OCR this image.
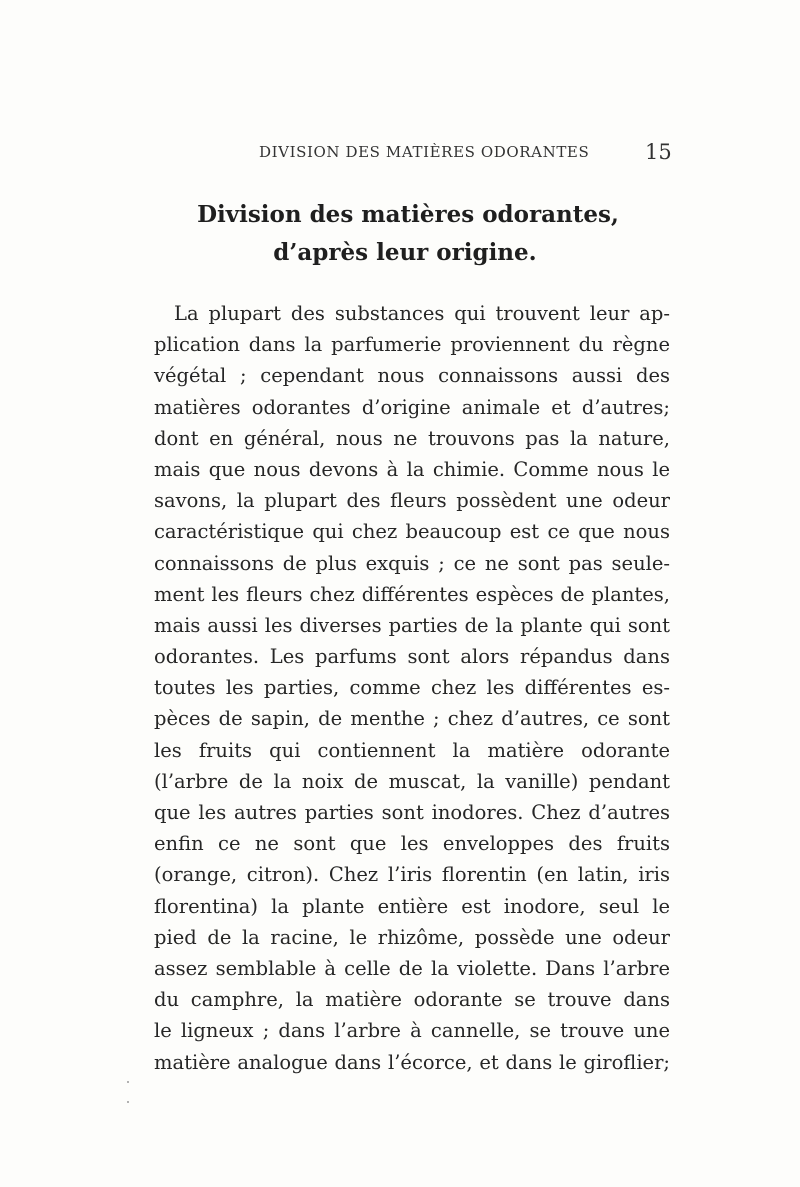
DIVISION DES MATIÈRES ODORANTES	15
Division des matières odorantes,
d’après leur origine.
La plupart des substances qui trouvent leur ap-
plication dans la parfumerie proviennent du règne
végétal ; cependant nous connaissons aussi des
matières odorantes d’origine animale et d’autres;
dont en général, nous ne trouvons pas la nature,
mais que nous devons à la chimie. Comme nous le
savons, la plupart des fleurs possèdent une odeur
caractéristique qui chez beaucoup est ce que nous
connaissons de plus exquis ; ce ne sont pas seule-
ment les fleurs chez différentes espèces de plantes,
mais aussi les diverses parties de la plante qui sont
odorantes. Les parfums sont alors répandus dans
toutes les parties, comme chez les différentes es-
pèces de sapin, de menthe ; chez d’autres, ce sont
les fruits qui contiennent la matière odorante
(l’arbre de la noix de muscat, la vanille) pendant
que les autres parties sont inodores. Chez d’autres
enfin ce ne sont que les enveloppes des fruits
(orange, citron). Chez l’iris florentin (en latin, iris
florentina) la plante entière est inodore, seul le
pied de la racine, le rhizôme, possède une odeur
assez semblable à celle de la violette. Dans l’arbre
du camphre, la matière odorante se trouve dans
le ligneux ; dans l’arbre à cannelle, se trouve une
matière analogue dans l’écorce, et dans le giroflier;
